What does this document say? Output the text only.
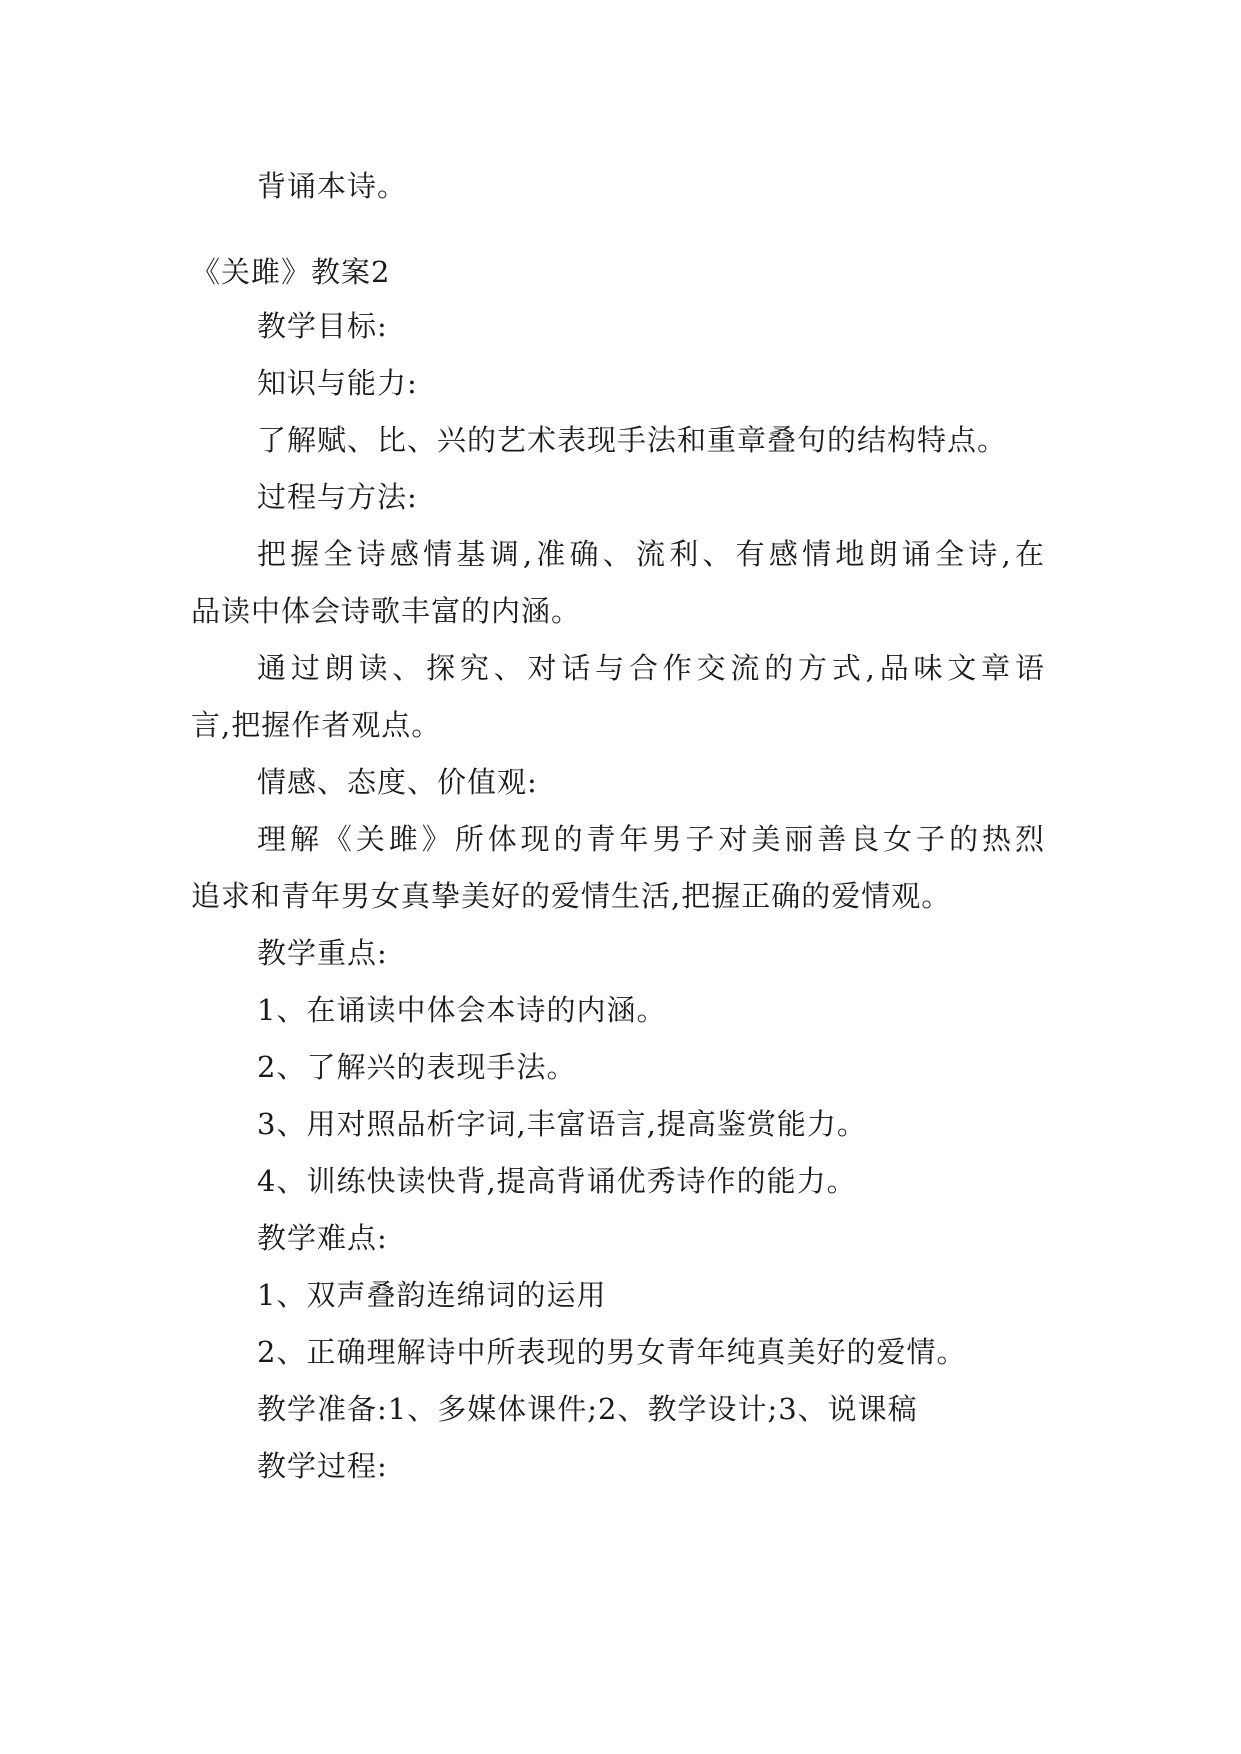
背诵本诗。

《关雎》教案2

教学目标:

知识与能力:

了解赋、比、兴的艺术表现手法和重章叠句的结构特点。

过程与方法:

把握全诗感情基调,准确、流利、有感情地朗诵全诗,在

品读中体会诗歌丰富的内涵。

通过朗读、探究、对话与合作交流的方式,品味文章语

言,把握作者观点。

情感、态度、价值观:

理解《关雎》所体现的青年男子对美丽善良女子的热烈

追求和青年男女真挚美好的爱情生活,把握正确的爱情观。

教学重点:

1、在诵读中体会本诗的内涵。

2、了解兴的表现手法。

3、用对照品析字词,丰富语言,提高鉴赏能力。

4、训练快读快背,提高背诵优秀诗作的能力。

教学难点:

1、双声叠韵连绵词的运用

2、正确理解诗中所表现的男女青年纯真美好的爱情。

教学准备:1、多媒体课件;2、教学设计;3、说课稿

教学过程:
